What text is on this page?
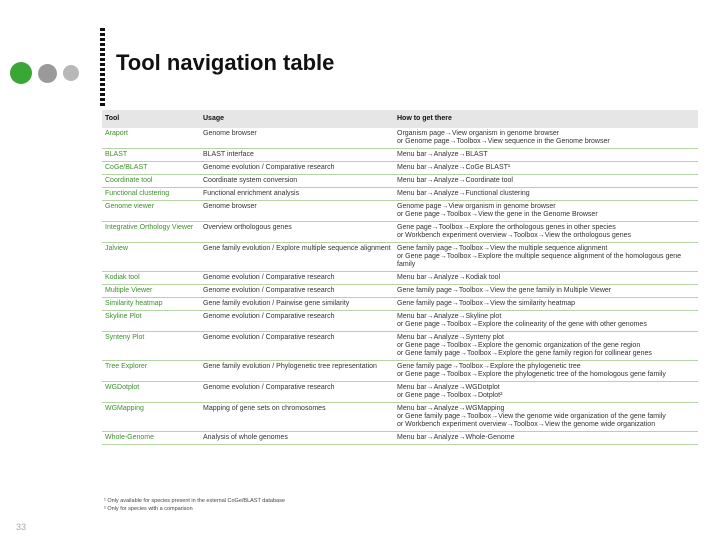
Tool navigation table
Tool	Usage	How to get there
Araport	Genome browser	Organism page→View organism in genome browser
or Genome page→Toolbox→View sequence in the Genome browser
BLAST	BLAST interface	Menu bar→Analyze→BLAST
CoGe/BLAST	Genome evolution / Comparative research	Menu bar→Analyze→CoGe BLAST¹
Coordinate tool	Coordinate system conversion	Menu bar→Analyze→Coordinate tool
Functional clustering	Functional enrichment analysis	Menu bar→Analyze→Functional clustering
Genome viewer	Genome browser	Genome page→View organism in genome browser
or Gene page→Toolbox→View the gene in the Genome Browser
Integrative Orthology Viewer	Overview orthologous genes	Gene page→Toolbox→Explore the orthologous genes in other species
or Workbench experiment overview→Toolbox→View the orthologous genes
Jalview	Gene family evolution / Explore multiple sequence alignment	Gene family page→Toolbox→View the multiple sequence alignment
or Gene page→Toolbox→Explore the multiple sequence alignment of the homologous gene family
Kodiak tool	Genome evolution / Comparative research	Menu bar→Analyze→Kodiak tool
Multiple Viewer	Genome evolution / Comparative research	Gene family page→Toolbox→View the gene family in Multiple Viewer
Similarity heatmap	Gene family evolution / Pairwise gene similarity	Gene family page→Toolbox→View the similarity heatmap
Skyline Plot	Genome evolution / Comparative research	Menu bar→Analyze→Skyline plot
or Gene page→Toolbox→Explore the colinearity of the gene with other genomes
Synteny Plot	Genome evolution / Comparative research	Menu bar→Analyze→Synteny plot
or Gene page→Toolbox→Explore the genomic organization of the gene region
or Gene family page→Toolbox→Explore the gene family region for collinear genes
Tree Explorer	Gene family evolution / Phylogenetic tree representation	Gene family page→Toolbox→Explore the phylogenetic tree
or Gene page→Toolbox→Explore the phylogenetic tree of the homologous gene family
WGDotplot	Genome evolution / Comparative research	Menu bar→Analyze→WGDotplot
or Gene page→Toolbox→Dotplot²
WGMapping	Mapping of gene sets on chromosomes	Menu bar→Analyze→WGMapping
or Gene family page→Toolbox→View the genome wide organization of the gene family
or Workbench experiment overview→Toolbox→View the genome wide organization
Whole-Genome	Analysis of whole genomes	Menu bar→Analyze→Whole-Genome
¹ Only available for species present in the external CoGe/BLAST database
² Only for species with a comparison
33
